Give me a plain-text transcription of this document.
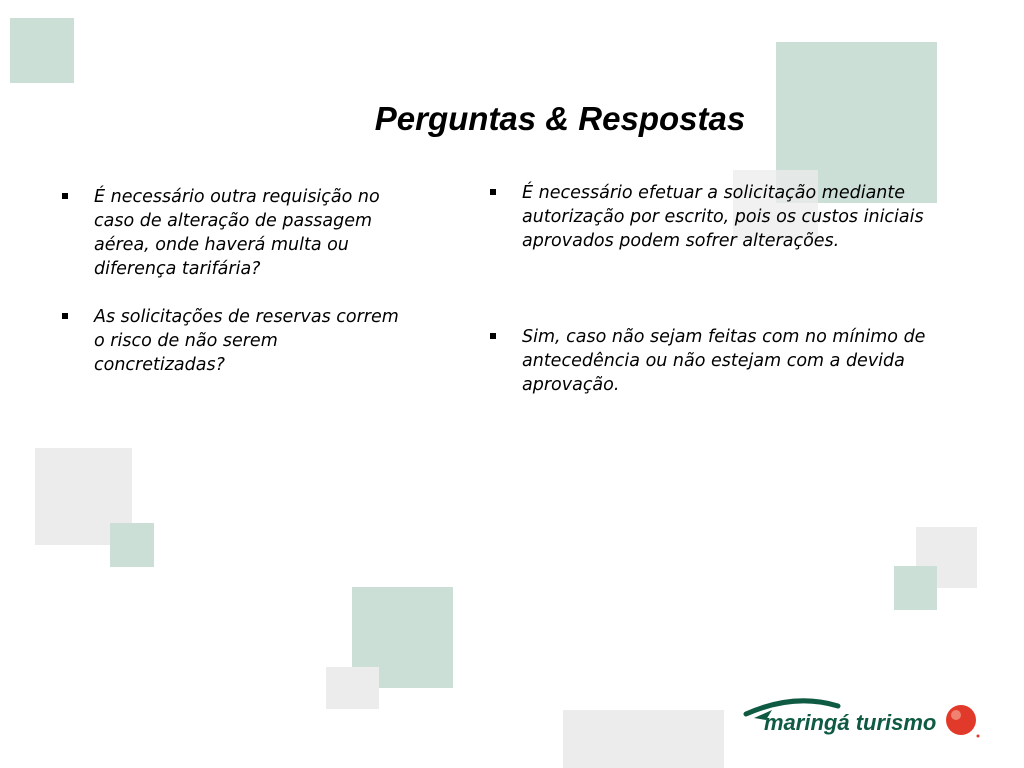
Perguntas & Respostas
É necessário outra requisição no caso de alteração de passagem aérea, onde haverá multa ou diferença tarifária?
As solicitações de reservas correm o risco de não serem concretizadas?
É necessário efetuar a solicitação mediante autorização por escrito, pois os custos iniciais aprovados podem sofrer alterações.
Sim, caso não sejam feitas com no mínimo de antecedência ou não estejam com a devida aprovação.
maringá turismo
